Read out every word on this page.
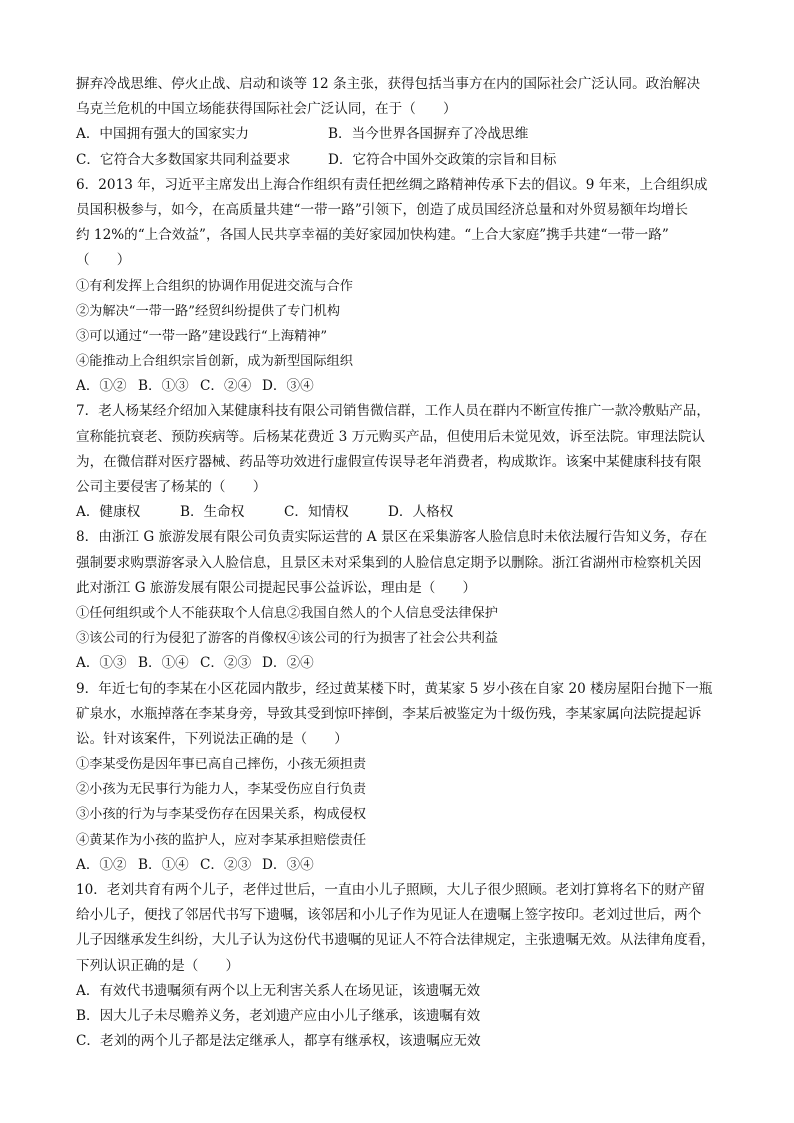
摒弃冷战思维、停火止战、启动和谈等 12 条主张，获得包括当事方在内的国际社会广泛认同。政治解决
乌克兰危机的中国立场能获得国际社会广泛认同，在于（　　）
A．中国拥有强大的国家实力	B．当今世界各国摒弃了冷战思维
C．它符合大多数国家共同利益要求	D．它符合中国外交政策的宗旨和目标
6．2013 年，习近平主席发出上海合作组织有责任把丝绸之路精神传承下去的倡议。9 年来，上合组织成
员国积极参与，如今，在高质量共建“一带一路”引领下，创造了成员国经济总量和对外贸易额年均增长
约 12%的“上合效益”，各国人民共享幸福的美好家园加快构建。“上合大家庭”携手共建“一带一路”
（　　）
①有利发挥上合组织的协调作用促进交流与合作
②为解决“一带一路”经贸纠纷提供了专门机构
③可以通过“一带一路”建设践行“上海精神”
④能推动上合组织宗旨创新，成为新型国际组织
A．①② B．①③ C．②④ D．③④
7．老人杨某经介绍加入某健康科技有限公司销售微信群，工作人员在群内不断宣传推广一款冷敷贴产品，
宣称能抗衰老、预防疾病等。后杨某花费近 3 万元购买产品，但使用后未觉见效，诉至法院。审理法院认
为，在微信群对医疗器械、药品等功效进行虚假宣传误导老年消费者，构成欺诈。该案中某健康科技有限
公司主要侵害了杨某的（　　）
A．健康权	B．生命权	C．知情权	D．人格权
8．由浙江 G 旅游发展有限公司负责实际运营的 A 景区在采集游客人脸信息时未依法履行告知义务，存在
强制要求购票游客录入人脸信息，且景区未对采集到的人脸信息定期予以删除。浙江省湖州市检察机关因
此对浙江 G 旅游发展有限公司提起民事公益诉讼，理由是（　　）
①任何组织或个人不能获取个人信息②我国自然人的个人信息受法律保护
③该公司的行为侵犯了游客的肖像权④该公司的行为损害了社会公共利益
A．①③ B．①④ C．②③ D．②④
9．年近七旬的李某在小区花园内散步，经过黄某楼下时，黄某家 5 岁小孩在自家 20 楼房屋阳台抛下一瓶
矿泉水，水瓶掉落在李某身旁，导致其受到惊吓摔倒，李某后被鉴定为十级伤残，李某家属向法院提起诉
讼。针对该案件，下列说法正确的是（　　）
①李某受伤是因年事已高自己摔伤，小孩无须担责
②小孩为无民事行为能力人，李某受伤应自行负责
③小孩的行为与李某受伤存在因果关系，构成侵权
④黄某作为小孩的监护人，应对李某承担赔偿责任
A．①② B．①④ C．②③ D．③④
10．老刘共育有两个儿子，老伴过世后，一直由小儿子照顾，大儿子很少照顾。老刘打算将名下的财产留
给小儿子，便找了邻居代书写下遗嘱，该邻居和小儿子作为见证人在遗嘱上签字按印。老刘过世后，两个
儿子因继承发生纠纷，大儿子认为这份代书遗嘱的见证人不符合法律规定，主张遗嘱无效。从法律角度看，
下列认识正确的是（　　）
A．有效代书遗嘱须有两个以上无利害关系人在场见证，该遗嘱无效
B．因大儿子未尽赡养义务，老刘遗产应由小儿子继承，该遗嘱有效
C．老刘的两个儿子都是法定继承人，都享有继承权，该遗嘱应无效
